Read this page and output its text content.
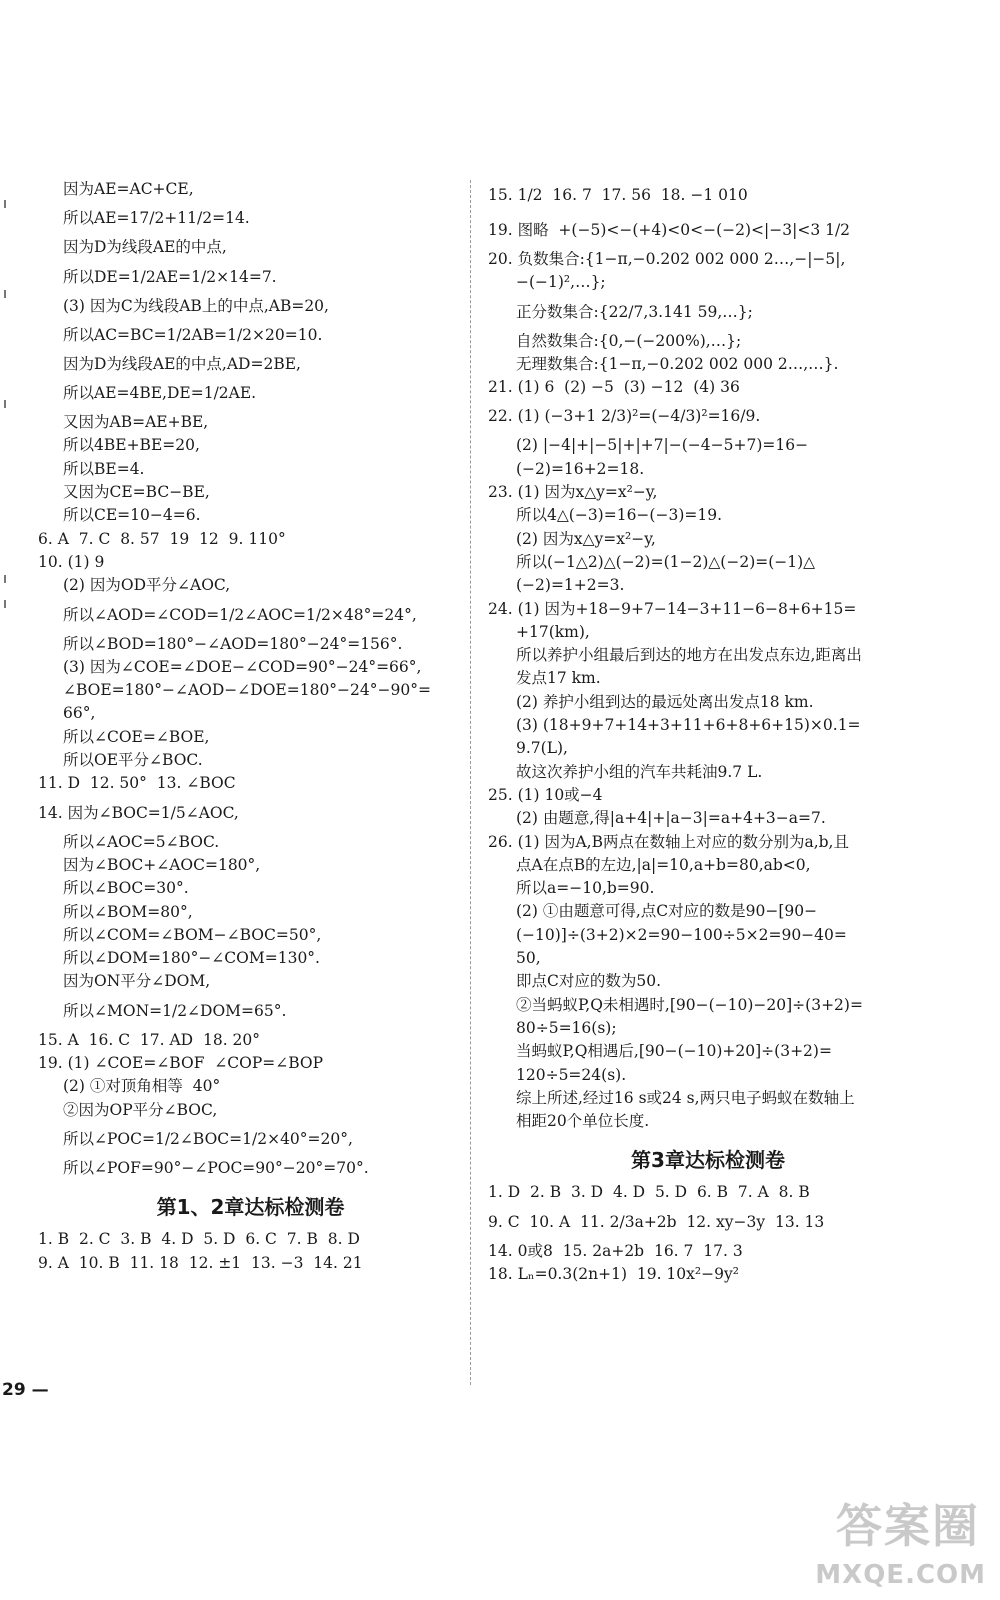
因为AE=AC+CE,
所以AE=17/2+11/2=14.
因为D为线段AE的中点,
所以DE=1/2AE=1/2×14=7.
(3) 因为C为线段AB上的中点,AB=20,
所以AC=BC=1/2AB=1/2×20=10.
因为D为线段AE的中点,AD=2BE,
所以AE=4BE,DE=1/2AE.
又因为AB=AE+BE,
所以4BE+BE=20,
所以BE=4.
又因为CE=BC−BE,
所以CE=10−4=6.
6. A  7. C  8. 57  19  12  9. 110°
10. (1) 9
(2) 因为OD平分∠AOC,
所以∠AOD=∠COD=1/2∠AOC=1/2×48°=24°,
所以∠BOD=180°−∠AOD=180°−24°=156°.
(3) 因为∠COE=∠DOE−∠COD=90°−24°=66°,
∠BOE=180°−∠AOD−∠DOE=180°−24°−90°=
66°,
所以∠COE=∠BOE,
所以OE平分∠BOC.
11. D  12. 50°  13. ∠BOC
14. 因为∠BOC=1/5∠AOC,
所以∠AOC=5∠BOC.
因为∠BOC+∠AOC=180°,
所以∠BOC=30°.
所以∠BOM=80°,
所以∠COM=∠BOM−∠BOC=50°,
所以∠DOM=180°−∠COM=130°.
因为ON平分∠DOM,
所以∠MON=1/2∠DOM=65°.
15. A  16. C  17. AD  18. 20°
19. (1) ∠COE=∠BOF  ∠COP=∠BOP
(2) ①对顶角相等  40°
②因为OP平分∠BOC,
所以∠POC=1/2∠BOC=1/2×40°=20°,
所以∠POF=90°−∠POC=90°−20°=70°.
第1、2章达标检测卷
1. B  2. C  3. B  4. D  5. D  6. C  7. B  8. D
9. A  10. B  11. 18  12. ±1  13. −3  14. 21
15. 1/2  16. 7  17. 56  18. −1 010
19. 图略  +(−5)<−(+4)<0<−(−2)<|−3|<3 1/2
20. 负数集合:{1−π,−0.202 002 000 2…,−|−5|,
−(−1)²,…};
正分数集合:{22/7,3.141 59,…};
自然数集合:{0,−(−200%),…};
无理数集合:{1−π,−0.202 002 000 2…,…}.
21. (1) 6  (2) −5  (3) −12  (4) 36
22. (1) (−3+1 2/3)²=(−4/3)²=16/9.
(2) |−4|+|−5|+|+7|−(−4−5+7)=16−
(−2)=16+2=18.
23. (1) 因为x△y=x²−y,
所以4△(−3)=16−(−3)=19.
(2) 因为x△y=x²−y,
所以(−1△2)△(−2)=(1−2)△(−2)=(−1)△
(−2)=1+2=3.
24. (1) 因为+18−9+7−14−3+11−6−8+6+15=
+17(km),
所以养护小组最后到达的地方在出发点东边,距离出
发点17 km.
(2) 养护小组到达的最远处离出发点18 km.
(3) (18+9+7+14+3+11+6+8+6+15)×0.1=
9.7(L),
故这次养护小组的汽车共耗油9.7 L.
25. (1) 10或−4
(2) 由题意,得|a+4|+|a−3|=a+4+3−a=7.
26. (1) 因为A,B两点在数轴上对应的数分别为a,b,且
点A在点B的左边,|a|=10,a+b=80,ab<0,
所以a=−10,b=90.
(2) ①由题意可得,点C对应的数是90−[90−
(−10)]÷(3+2)×2=90−100÷5×2=90−40=
50,
即点C对应的数为50.
②当蚂蚁P,Q未相遇时,[90−(−10)−20]÷(3+2)=
80÷5=16(s);
当蚂蚁P,Q相遇后,[90−(−10)+20]÷(3+2)=
120÷5=24(s).
综上所述,经过16 s或24 s,两只电子蚂蚁在数轴上
相距20个单位长度.
第3章达标检测卷
1. D  2. B  3. D  4. D  5. D  6. B  7. A  8. B
9. C  10. A  11. 2/3a+2b  12. xy−3y  13. 13
14. 0或8  15. 2a+2b  16. 7  17. 3
18. Lₙ=0.3(2n+1)  19. 10x²−9y²
29 —
答案圈
MXQE.COM
